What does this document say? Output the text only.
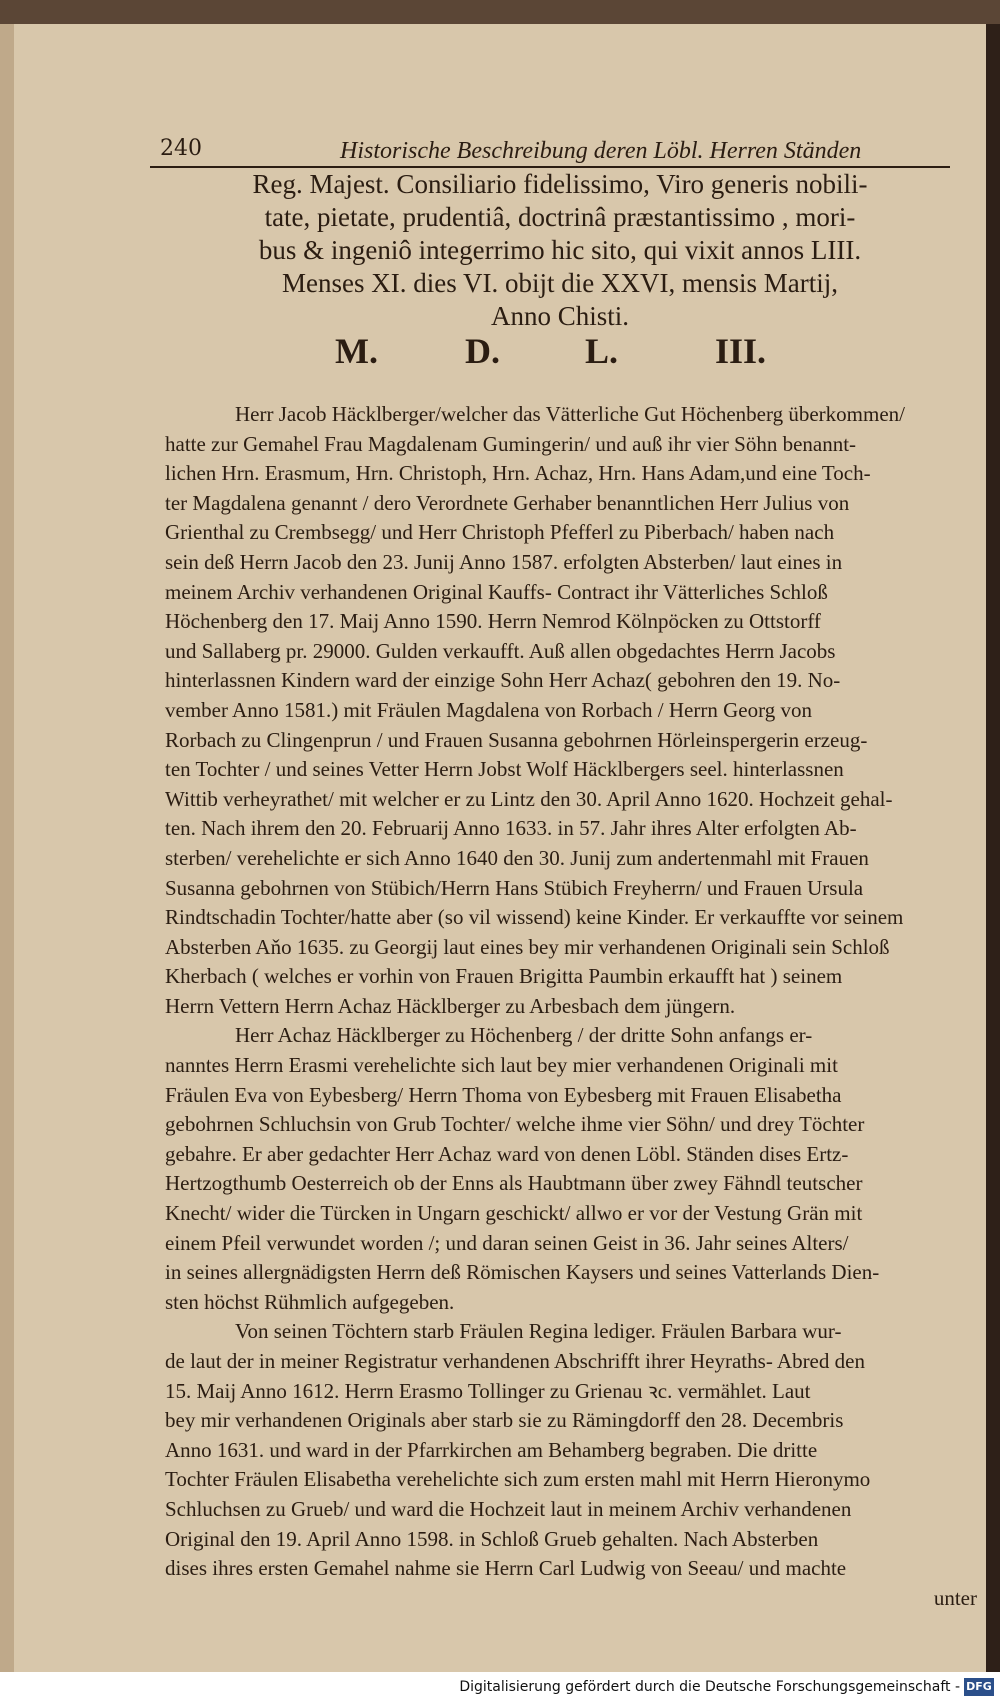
240	Historische Beschreibung deren Löbl. Herren Ständen
Reg. Majest. Consiliario fidelissimo, Viro generis nobili-
tate, pietate, prudentiâ, doctrinâ præstantissimo , mori-
bus & ingeniô integerrimo hic sito, qui vixit annos LIII.
Menses XI. dies VI. obijt die XXVI, mensis Martij,
Anno Chisti.
M. D. L.	III.
Herr Jacob Häcklberger/welcher das Vätterliche Gut Höchenberg überkommen/
hatte zur Gemahel Frau Magdalenam Gumingerin/ und auß ihr vier Söhn benannt-
lichen Hrn. Erasmum, Hrn. Christoph, Hrn. Achaz, Hrn. Hans Adam,und eine Toch-
ter Magdalena genannt / dero Verordnete Gerhaber benanntlichen Herr Julius von
Grienthal zu Crembsegg/ und Herr Christoph Pfefferl zu Piberbach/ haben nach
sein deß Herrn Jacob den 23. Junij Anno 1587. erfolgten Absterben/ laut eines in
meinem Archiv verhandenen Original Kauffs- Contract ihr Vätterliches Schloß
Höchenberg den 17. Maij Anno 1590. Herrn Nemrod Kölnpöcken zu Ottstorff
und Sallaberg pr. 29000. Gulden verkaufft. Auß allen obgedachtes Herrn Jacobs
hinterlassnen Kindern ward der einzige Sohn Herr Achaz( gebohren den 19. No-
vember Anno 1581.) mit Fräulen Magdalena von Rorbach / Herrn Georg von
Rorbach zu Clingenprun / und Frauen Susanna gebohrnen Hörleinspergerin erzeug-
ten Tochter / und seines Vetter Herrn Jobst Wolf Häcklbergers seel. hinterlassnen
Wittib verheyrathet/ mit welcher er zu Lintz den 30. April Anno 1620. Hochzeit gehal-
ten. Nach ihrem den 20. Februarij Anno 1633. in 57. Jahr ihres Alter erfolgten Ab-
sterben/ verehelichte er sich Anno 1640 den 30. Junij zum andertenmahl mit Frauen
Susanna gebohrnen von Stübich/Herrn Hans Stübich Freyherrn/ und Frauen Ursula
Rindtschadin Tochter/hatte aber (so vil wissend) keine Kinder. Er verkauffte vor seinem
Absterben Aňo 1635. zu Georgij laut eines bey mir verhandenen Originali sein Schloß
Kherbach ( welches er vorhin von Frauen Brigitta Paumbin erkaufft hat ) seinem
Herrn Vettern Herrn Achaz Häcklberger zu Arbesbach dem jüngern.
Herr Achaz Häcklberger zu Höchenberg / der dritte Sohn anfangs er-
nanntes Herrn Erasmi verehelichte sich laut bey mier verhandenen Originali mit
Fräulen Eva von Eybesberg/ Herrn Thoma von Eybesberg mit Frauen Elisabetha
gebohrnen Schluchsin von Grub Tochter/ welche ihme vier Söhn/ und drey Töchter
gebahre. Er aber gedachter Herr Achaz ward von denen Löbl. Ständen dises Ertz-
Hertzogthumb Oesterreich ob der Enns als Haubtmann über zwey Fähndl teutscher
Knecht/ wider die Türcken in Ungarn geschickt/ allwo er vor der Vestung Grän mit
einem Pfeil verwundet worden /; und daran seinen Geist in 36. Jahr seines Alters/
in seines allergnädigsten Herrn deß Römischen Kaysers und seines Vatterlands Dien-
sten höchst Rühmlich aufgegeben.
Von seinen Töchtern starb Fräulen Regina lediger. Fräulen Barbara wur-
de laut der in meiner Registratur verhandenen Abschrifft ihrer Heyraths- Abred den
15. Maij Anno 1612. Herrn Erasmo Tollinger zu Grienau ꝛc. vermählet. Laut
bey mir verhandenen Originals aber starb sie zu Rämingdorff den 28. Decembris
Anno 1631. und ward in der Pfarrkirchen am Behamberg begraben. Die dritte
Tochter Fräulen Elisabetha verehelichte sich zum ersten mahl mit Herrn Hieronymo
Schluchsen zu Grueb/ und ward die Hochzeit laut in meinem Archiv verhandenen
Original den 19. April Anno 1598. in Schloß Grueb gehalten. Nach Absterben
dises ihres ersten Gemahel nahme sie Herrn Carl Ludwig von Seeau/ und machte
unter
Digitalisierung gefördert durch die Deutsche Forschungsgemeinschaft - DFG
